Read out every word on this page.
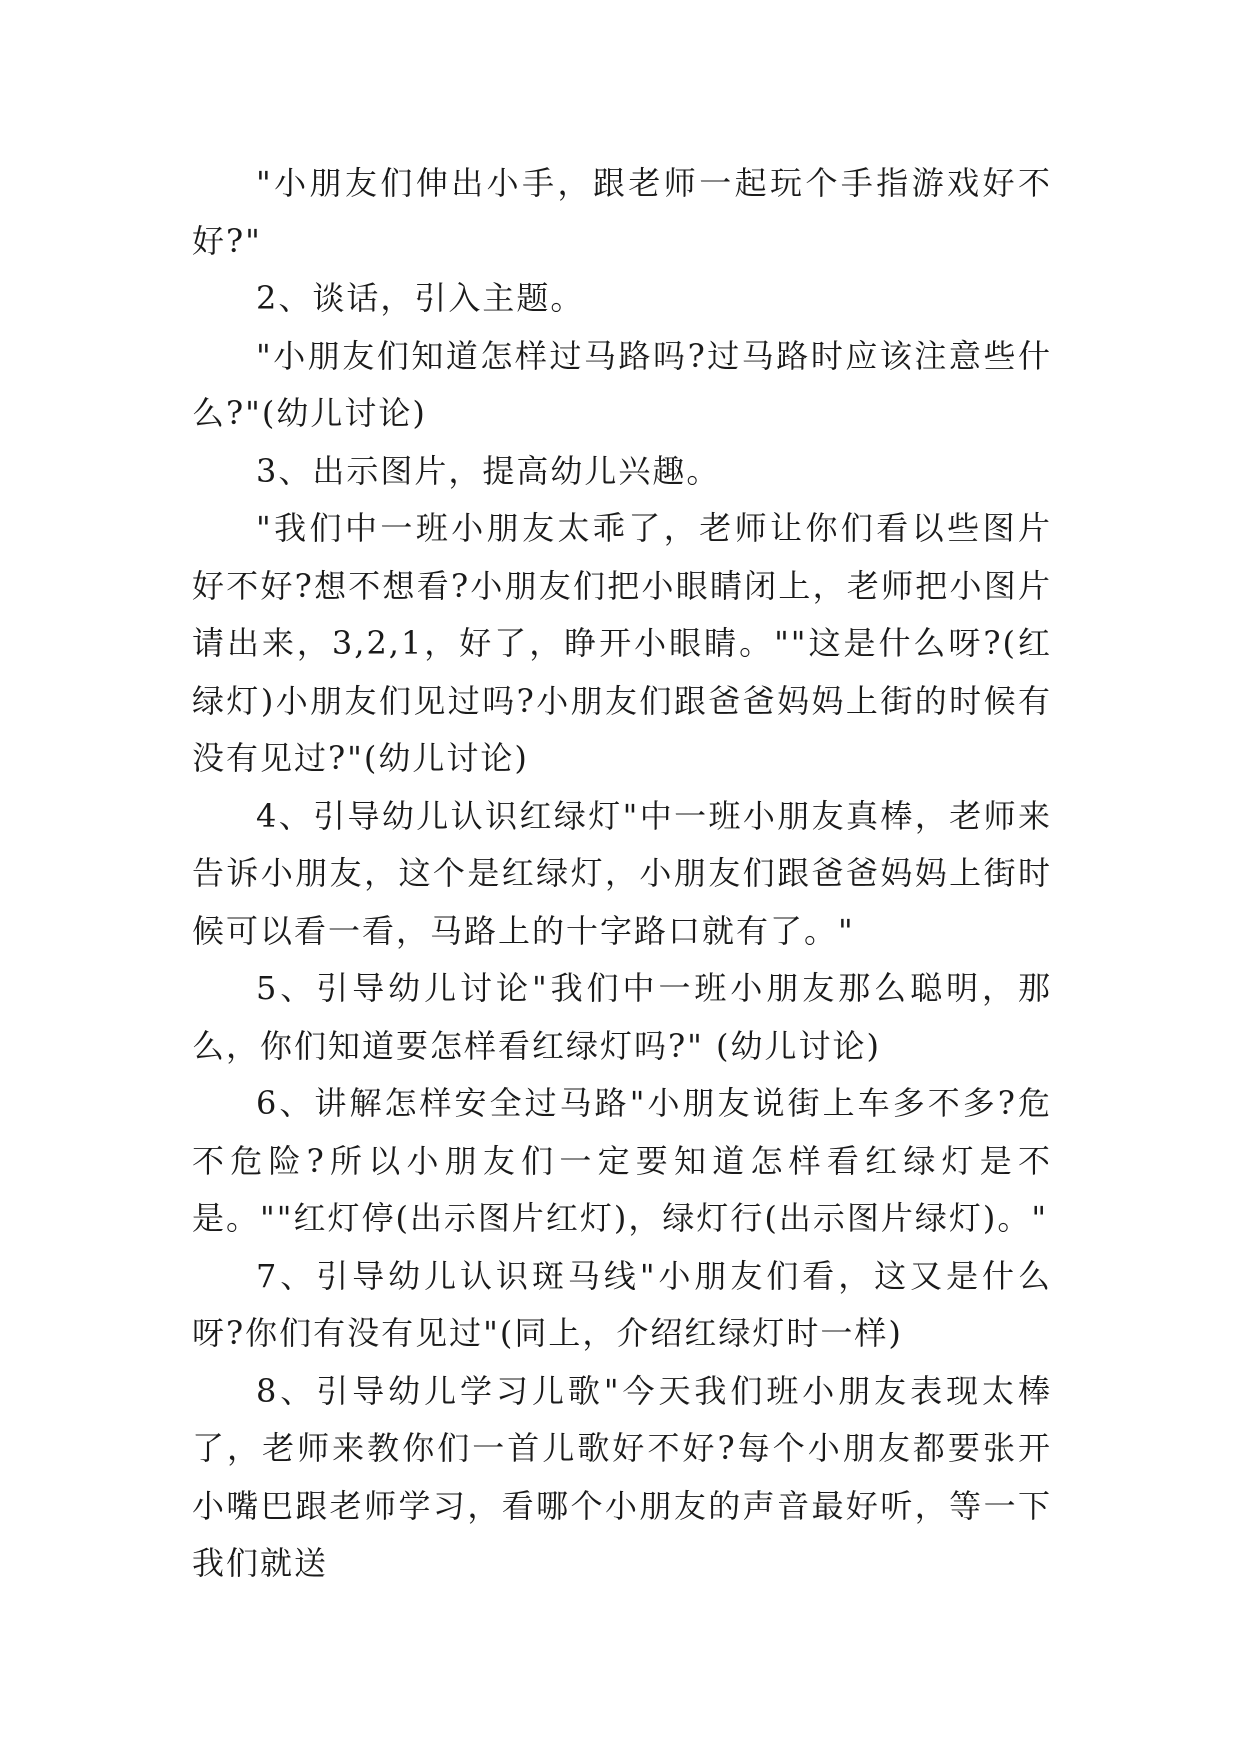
"小朋友们伸出小手，跟老师一起玩个手指游戏好不好?"

2、谈话，引入主题。

"小朋友们知道怎样过马路吗?过马路时应该注意些什么?"(幼儿讨论)

3、出示图片，提高幼儿兴趣。

"我们中一班小朋友太乖了，老师让你们看以些图片好不好?想不想看?小朋友们把小眼睛闭上，老师把小图片请出来，3,2,1，好了，睁开小眼睛。""这是什么呀?(红绿灯)小朋友们见过吗?小朋友们跟爸爸妈妈上街的时候有没有见过?"(幼儿讨论)

4、引导幼儿认识红绿灯"中一班小朋友真棒，老师来告诉小朋友，这个是红绿灯，小朋友们跟爸爸妈妈上街时候可以看一看，马路上的十字路口就有了。"

5、引导幼儿讨论"我们中一班小朋友那么聪明，那么，你们知道要怎样看红绿灯吗?" (幼儿讨论)

6、讲解怎样安全过马路"小朋友说街上车多不多?危不危险?所以小朋友们一定要知道怎样看红绿灯是不是。""红灯停(出示图片红灯)，绿灯行(出示图片绿灯)。"

7、引导幼儿认识斑马线"小朋友们看，这又是什么呀?你们有没有见过"(同上，介绍红绿灯时一样)

8、引导幼儿学习儿歌"今天我们班小朋友表现太棒了，老师来教你们一首儿歌好不好?每个小朋友都要张开小嘴巴跟老师学习，看哪个小朋友的声音最好听，等一下我们就送
